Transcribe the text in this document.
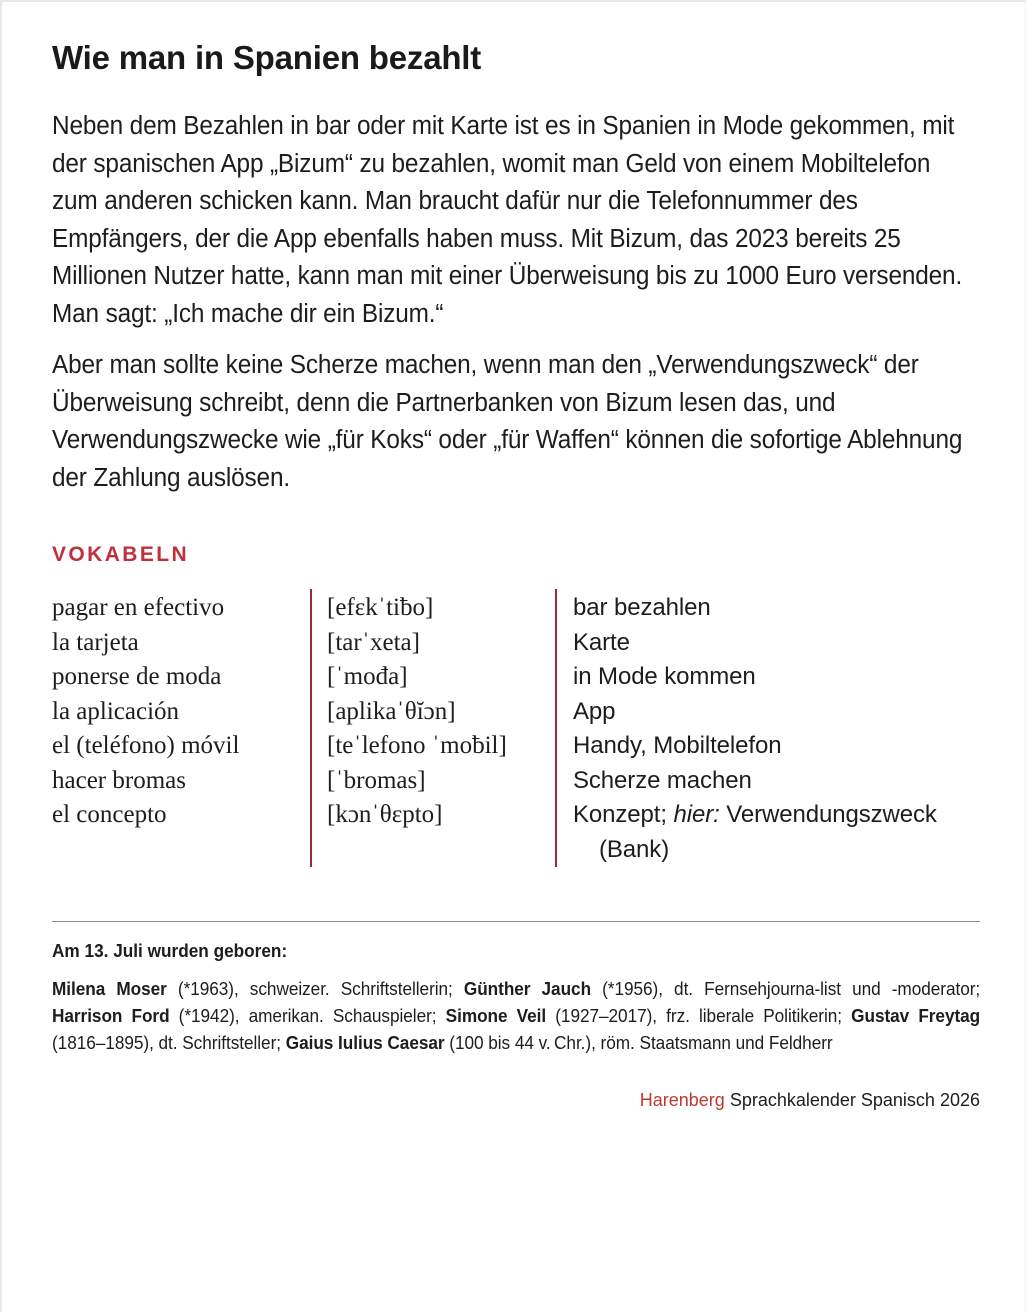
Wie man in Spanien bezahlt

Neben dem Bezahlen in bar oder mit Karte ist es in Spanien in Mode gekommen, mit der spanischen App „Bizum“ zu bezahlen, womit man Geld von einem Mobiltelefon zum anderen schicken kann. Man braucht dafür nur die Telefonnummer des Empfängers, der die App ebenfalls haben muss. Mit Bizum, das 2023 bereits 25 Millionen Nutzer hatte, kann man mit einer Überweisung bis zu 1000 Euro versenden. Man sagt: „Ich mache dir ein Bizum.“

Aber man sollte keine Scherze machen, wenn man den „Verwendungszweck“ der Überweisung schreibt, denn die Partnerbanken von Bizum lesen das, und Verwendungszwecke wie „für Koks“ oder „für Waffen“ können die sofortige Ablehnung der Zahlung auslösen.

VOKABELN
pagar en efectivo
la tarjeta
ponerse de moda
la aplicación
el (teléfono) móvil
hacer bromas
el concepto
[efɛkˈtiƀo]
[tarˈxeta]
[ˈmođa]
[aplikaˈθĭɔn]
[teˈlefono ˈmoƀil]
[ˈbromas]
[kɔnˈθɛpto]
bar bezahlen
Karte
in Mode kommen
App
Handy, Mobiltelefon
Scherze machen
Konzept; hier: Verwendungszweck
(Bank)
Am 13. Juli wurden geboren:
Milena Moser (*1963), schweizer. Schriftstellerin; Günther Jauch (*1956), dt. Fernsehjourna-list und -moderator; Harrison Ford (*1942), amerikan. Schauspieler; Simone Veil (1927–2017), frz. liberale Politikerin; Gustav Freytag (1816–1895), dt. Schriftsteller; Gaius Iulius Caesar (100 bis 44 v. Chr.), röm. Staatsmann und Feldherr
Harenberg Sprachkalender Spanisch 2026
